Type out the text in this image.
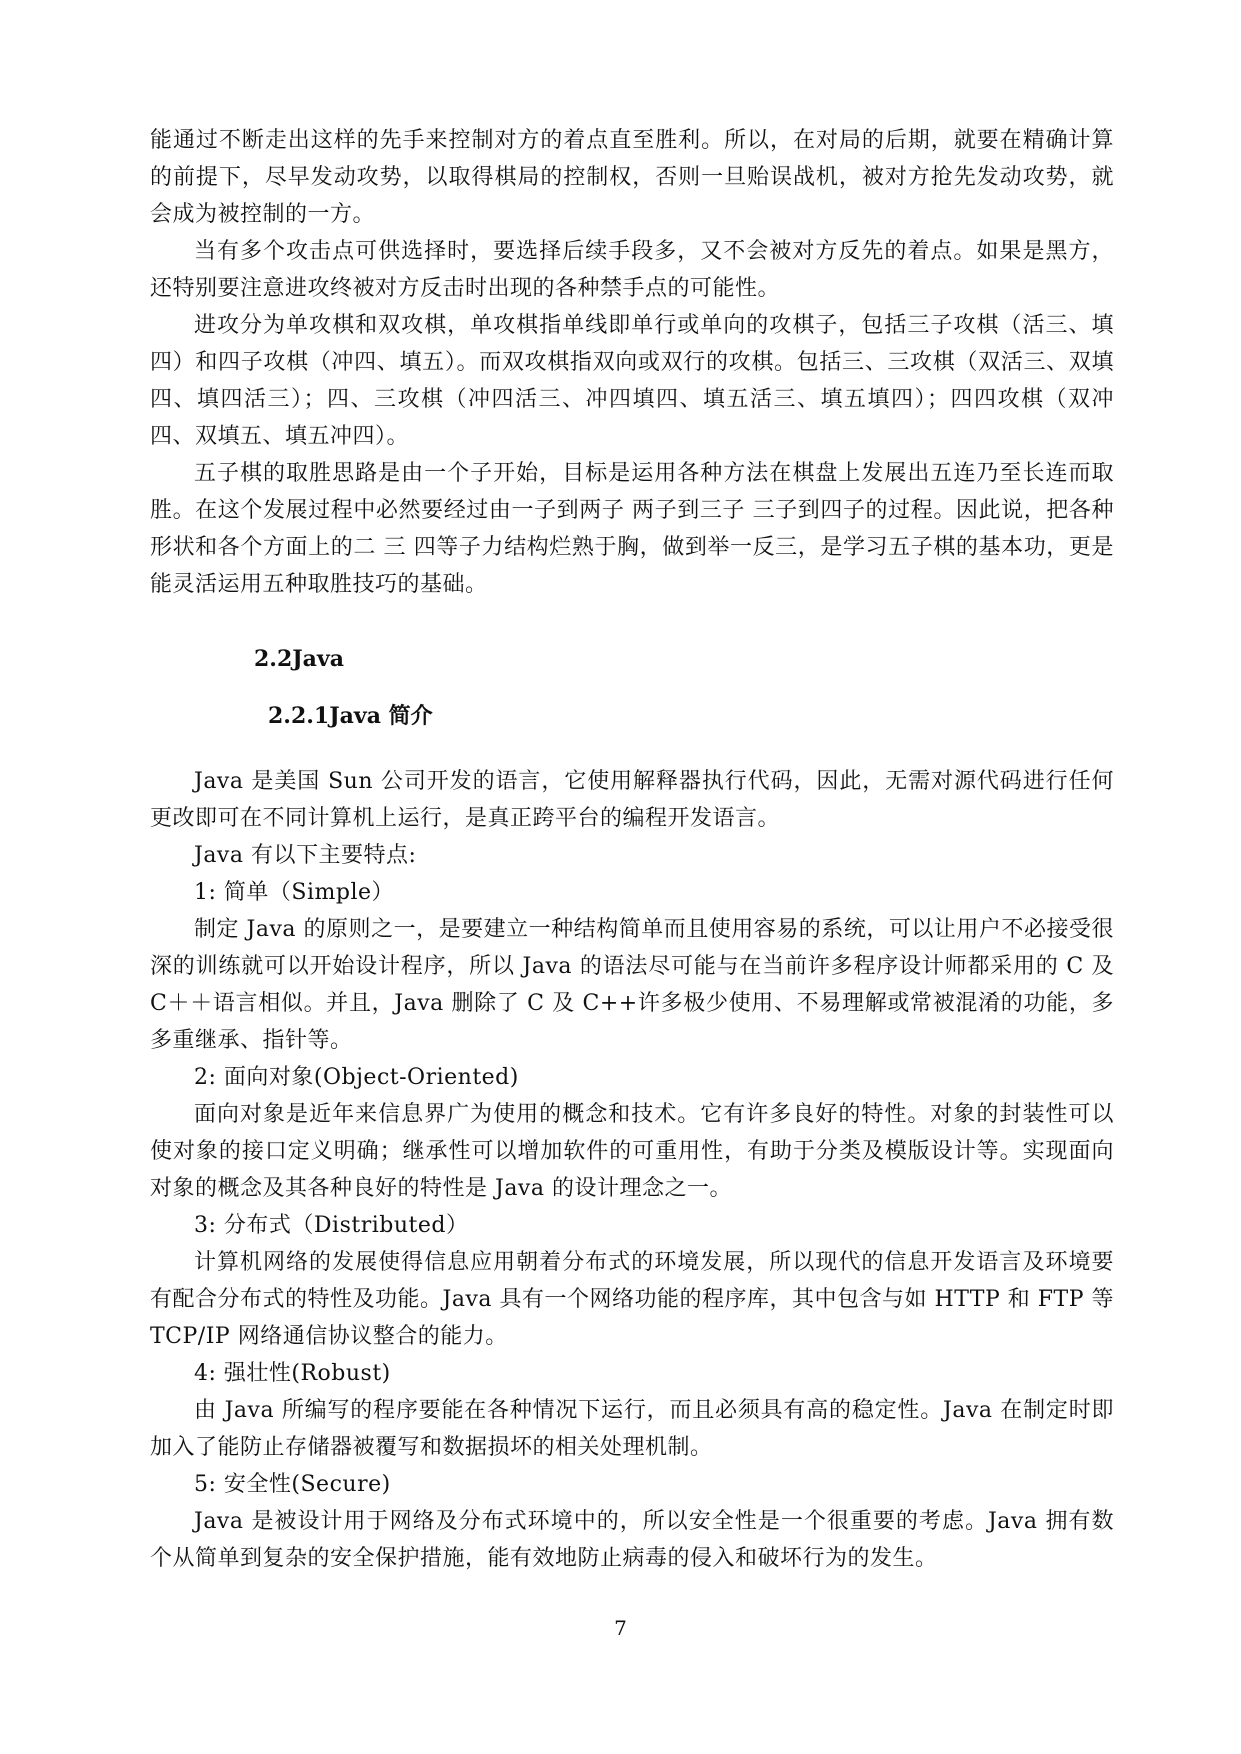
能通过不断走出这样的先手来控制对方的着点直至胜利。所以，在对局的后期，就要在精确计算的前提下，尽早发动攻势，以取得棋局的控制权，否则一旦贻误战机，被对方抢先发动攻势，就会成为被控制的一方。

当有多个攻击点可供选择时，要选择后续手段多，又不会被对方反先的着点。如果是黑方，还特别要注意进攻终被对方反击时出现的各种禁手点的可能性。

进攻分为单攻棋和双攻棋，单攻棋指单线即单行或单向的攻棋子，包括三子攻棋（活三、填四）和四子攻棋（冲四、填五）。而双攻棋指双向或双行的攻棋。包括三、三攻棋（双活三、双填四、填四活三）；四、三攻棋（冲四活三、冲四填四、填五活三、填五填四）；四四攻棋（双冲四、双填五、填五冲四）。

五子棋的取胜思路是由一个子开始，目标是运用各种方法在棋盘上发展出五连乃至长连而取胜。在这个发展过程中必然要经过由一子到两子 两子到三子 三子到四子的过程。因此说，把各种形状和各个方面上的二 三 四等子力结构烂熟于胸，做到举一反三，是学习五子棋的基本功，更是能灵活运用五种取胜技巧的基础。

2.2Java
2.2.1Java 简介

Java 是美国 Sun 公司开发的语言，它使用解释器执行代码，因此，无需对源代码进行任何更改即可在不同计算机上运行，是真正跨平台的编程开发语言。

Java 有以下主要特点:

1: 简单（Simple）

制定 Java 的原则之一，是要建立一种结构简单而且使用容易的系统，可以让用户不必接受很深的训练就可以开始设计程序，所以 Java 的语法尽可能与在当前许多程序设计师都采用的 C 及 C＋＋语言相似。并且，Java 删除了 C 及 C++许多极少使用、不易理解或常被混淆的功能，多多重继承、指针等。

2: 面向对象(Object-Oriented)

面向对象是近年来信息界广为使用的概念和技术。它有许多良好的特性。对象的封装性可以使对象的接口定义明确；继承性可以增加软件的可重用性，有助于分类及模版设计等。实现面向对象的概念及其各种良好的特性是 Java 的设计理念之一。

3: 分布式（Distributed）

计算机网络的发展使得信息应用朝着分布式的环境发展，所以现代的信息开发语言及环境要有配合分布式的特性及功能。Java 具有一个网络功能的程序库，其中包含与如 HTTP 和 FTP 等 TCP/IP 网络通信协议整合的能力。

4: 强壮性(Robust)

由 Java 所编写的程序要能在各种情况下运行，而且必须具有高的稳定性。Java 在制定时即加入了能防止存储器被覆写和数据损坏的相关处理机制。

5: 安全性(Secure)

Java 是被设计用于网络及分布式环境中的，所以安全性是一个很重要的考虑。Java 拥有数个从简单到复杂的安全保护措施，能有效地防止病毒的侵入和破坏行为的发生。

7
